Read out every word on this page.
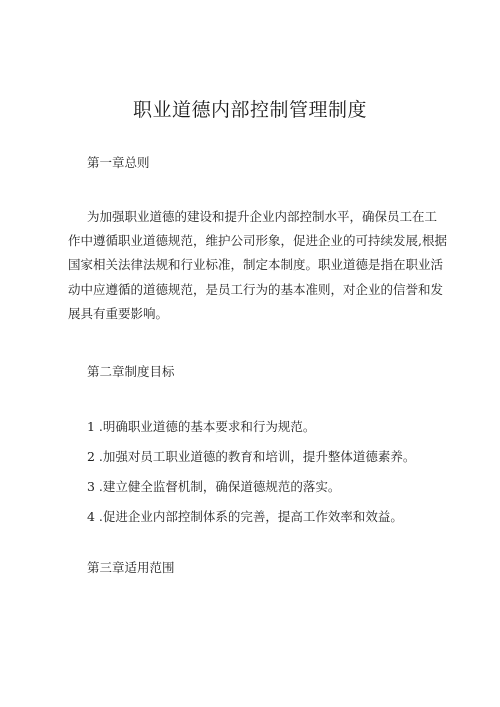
职业道德内部控制管理制度
第一章总则
为加强职业道德的建设和提升企业内部控制水平，确保员工在工
作中遵循职业道德规范，维护公司形象，促进企业的可持续发展,根据
国家相关法律法规和行业标准，制定本制度。职业道德是指在职业活
动中应遵循的道德规范，是员工行为的基本准则，对企业的信誉和发
展具有重要影响。
第二章制度目标
1 .明确职业道德的基本要求和行为规范。
2 .加强对员工职业道德的教育和培训，提升整体道德素养。
3 .建立健全监督机制，确保道德规范的落实。
4 .促进企业内部控制体系的完善，提高工作效率和效益。
第三章适用范围
